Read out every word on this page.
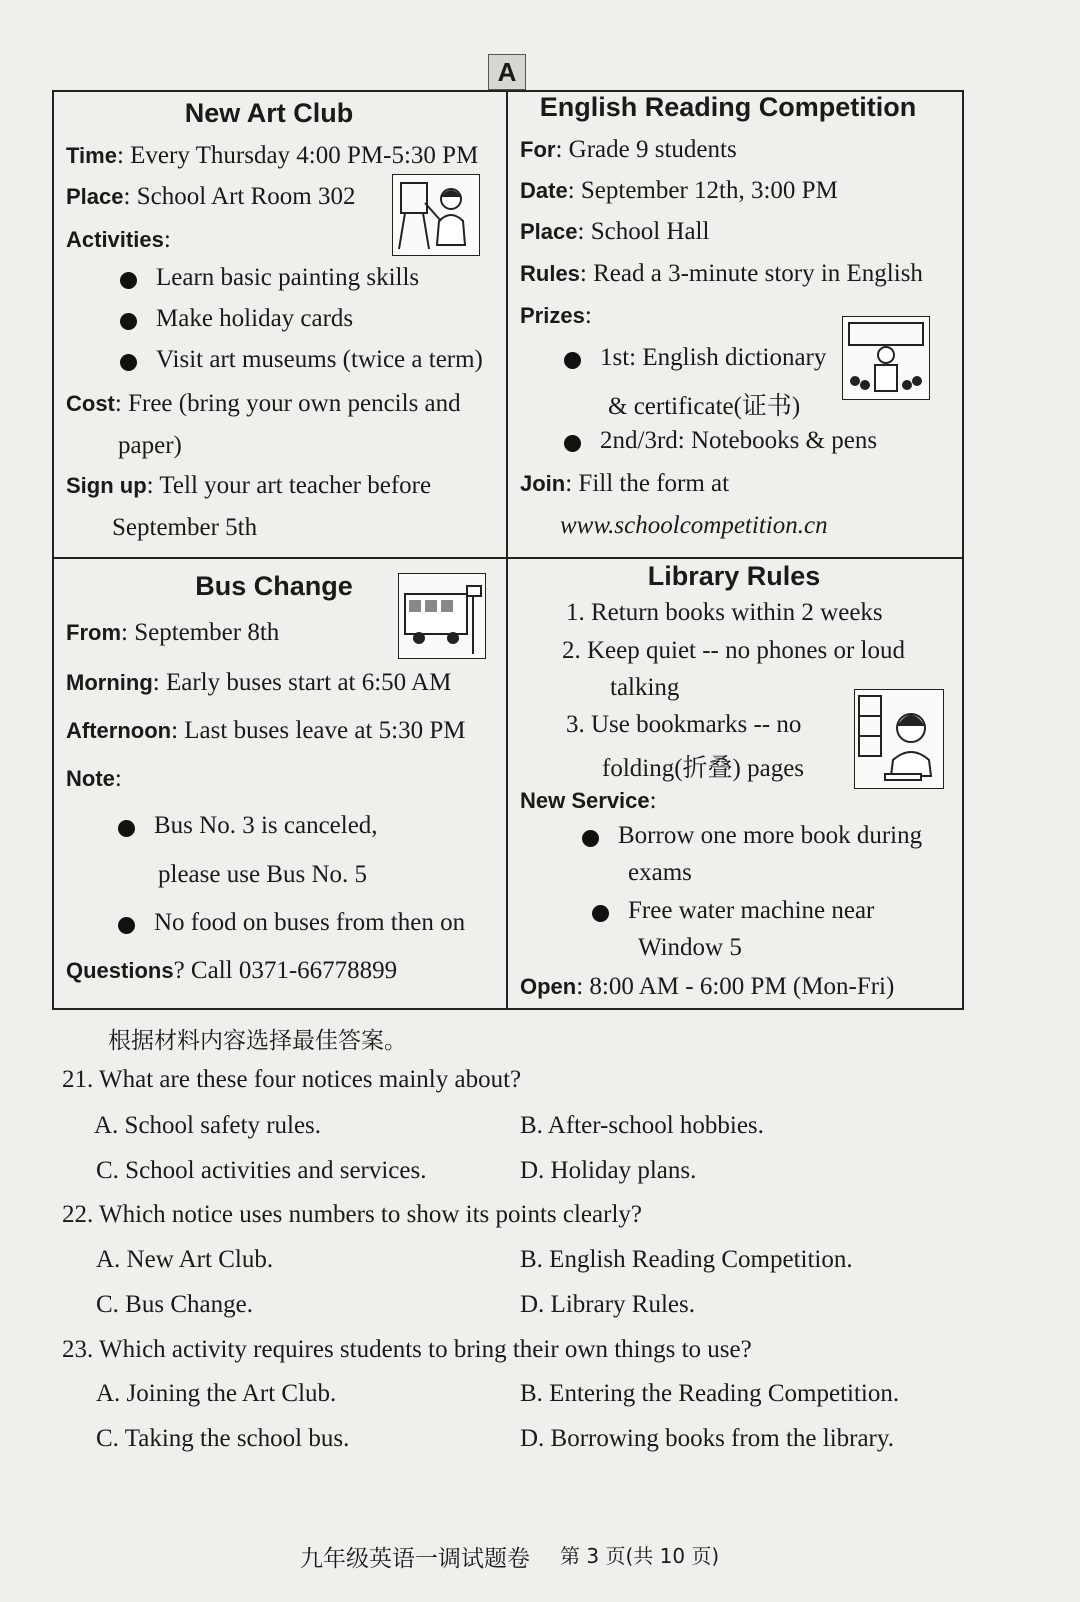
A
New Art Club
Time: Every Thursday 4:00 PM-5:30 PM
Place: School Art Room 302
Activities:
Learn basic painting skills
Make holiday cards
Visit art museums (twice a term)
Cost: Free (bring your own pencils and
paper)
Sign up: Tell your art teacher before
September 5th
English Reading Competition
For: Grade 9 students
Date: September 12th, 3:00 PM
Place: School Hall
Rules: Read a 3-minute story in English
Prizes:
1st: English dictionary
& certificate(证书)
2nd/3rd: Notebooks & pens
Join: Fill the form at
www.schoolcompetition.cn
Bus Change
From: September 8th
Morning: Early buses start at 6:50 AM
Afternoon: Last buses leave at 5:30 PM
Note:
Bus No. 3 is canceled,
please use Bus No. 5
No food on buses from then on
Questions? Call 0371-66778899
Library Rules
1. Return books within 2 weeks
2. Keep quiet -- no phones or loud
talking
3. Use bookmarks -- no
folding(折叠) pages
New Service:
Borrow one more book during
exams
Free water machine near
Window 5
Open: 8:00 AM - 6:00 PM (Mon-Fri)
根据材料内容选择最佳答案。
21. What are these four notices mainly about?
A. School safety rules.	B. After-school hobbies.
C. School activities and services.	D. Holiday plans.
22. Which notice uses numbers to show its points clearly?
A. New Art Club.	B. English Reading Competition.
C. Bus Change.	D. Library Rules.
23. Which activity requires students to bring their own things to use?
A. Joining the Art Club.	B. Entering the Reading Competition.
C. Taking the school bus.	D. Borrowing books from the library.
九年级英语一调试题卷 第 3 页(共 10 页)
